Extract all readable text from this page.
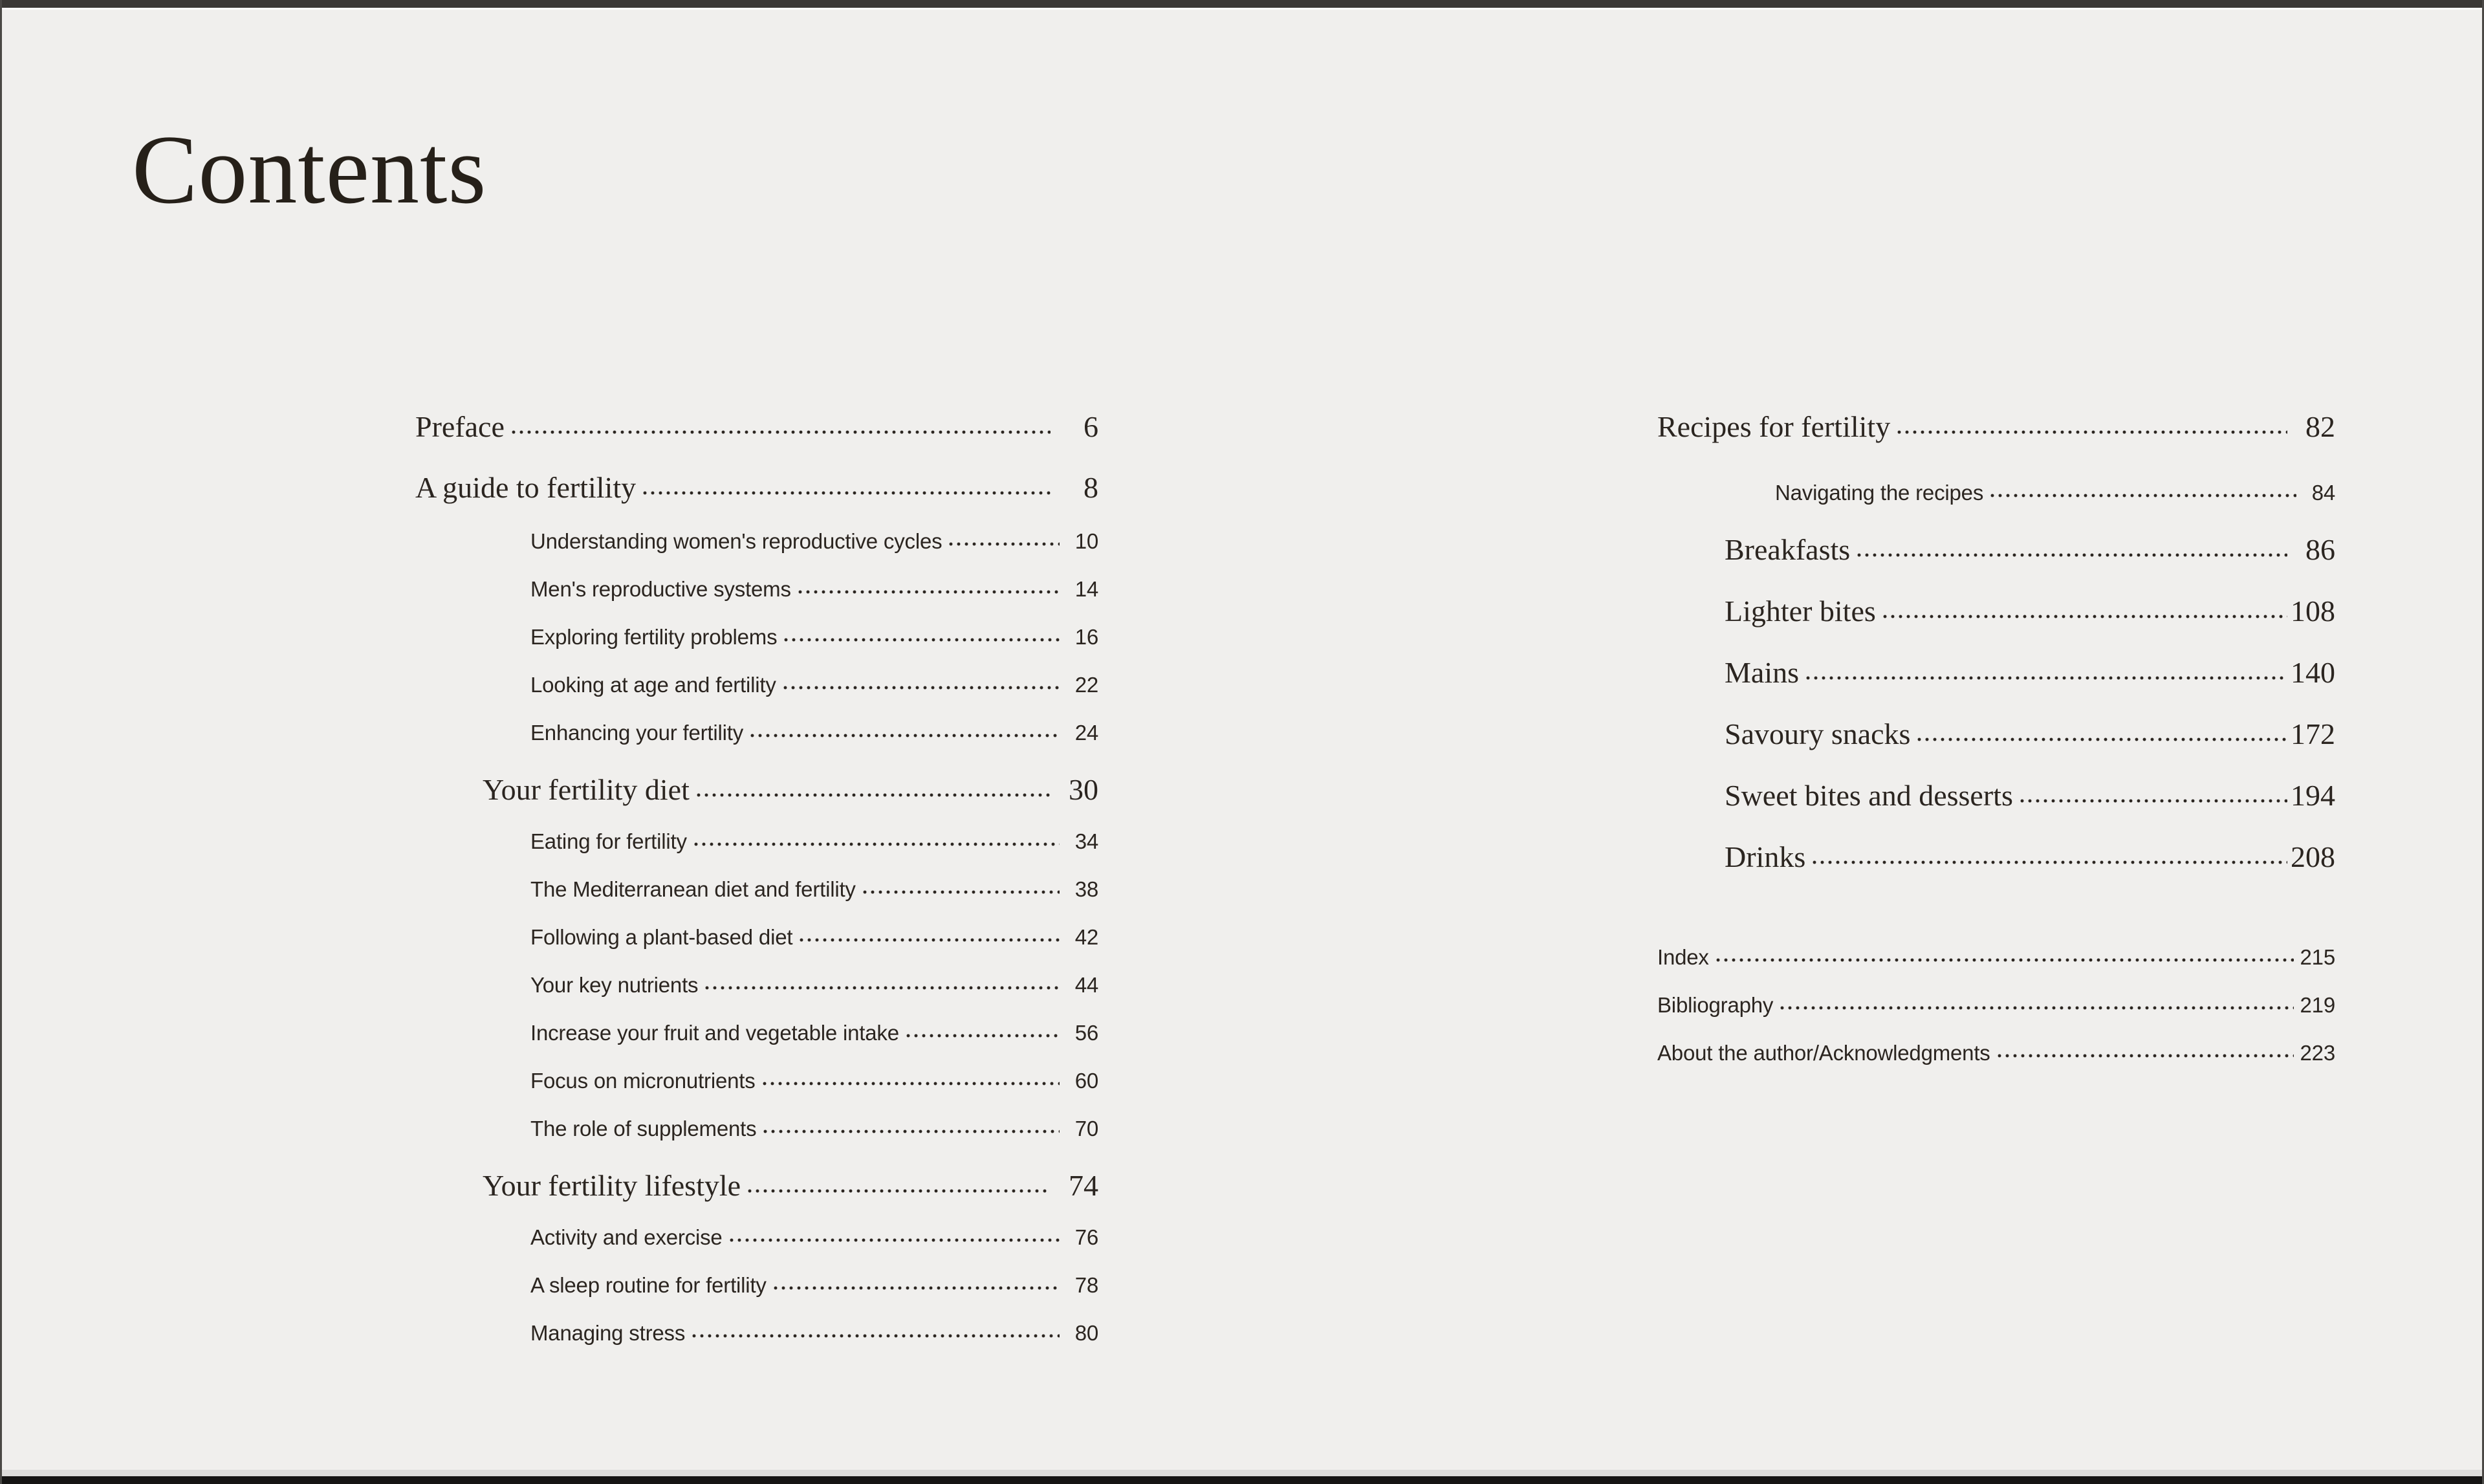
Contents
Preface	6
A guide to fertility	8
Understanding women's reproductive cycles	10
Men's reproductive systems	14
Exploring fertility problems	16
Looking at age and fertility	22
Enhancing your fertility	24
Your fertility diet	30
Eating for fertility	34
The Mediterranean diet and fertility	38
Following a plant-based diet	42
Your key nutrients	44
Increase your fruit and vegetable intake	56
Focus on micronutrients	60
The role of supplements	70
Your fertility lifestyle	74
Activity and exercise	76
A sleep routine for fertility	78
Managing stress	80
Recipes for fertility	82
Navigating the recipes	84
Breakfasts	86
Lighter bites	108
Mains	140
Savoury snacks	172
Sweet bites and desserts	194
Drinks	208
Index	215
Bibliography	219
About the author/Acknowledgments	223
